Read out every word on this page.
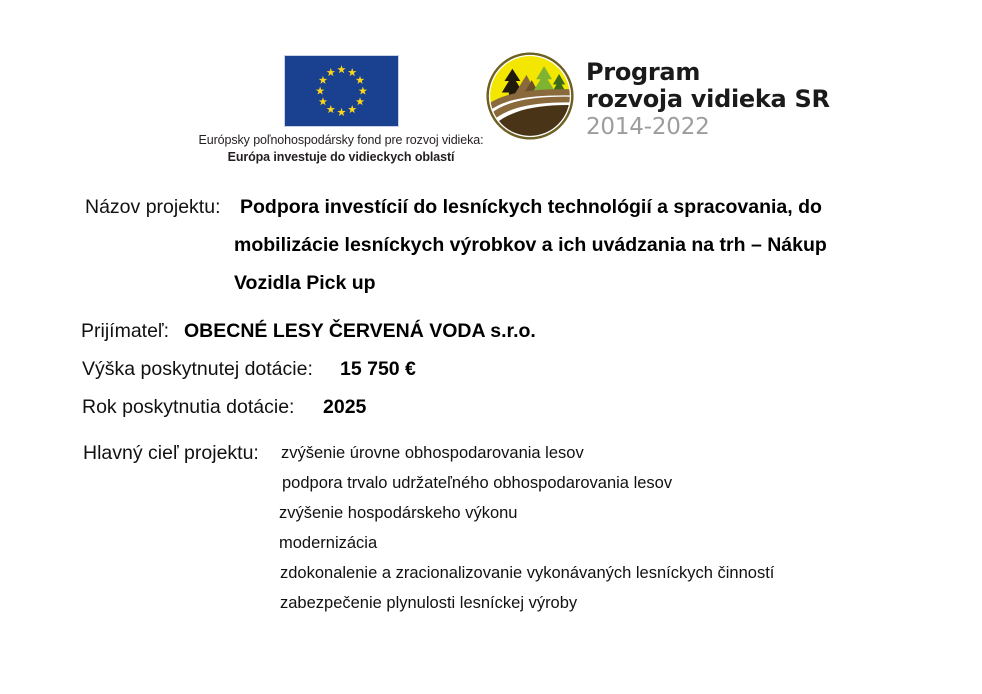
Európsky poľnohospodársky fond pre rozvoj vidieka:
Európa investuje do vidieckych oblastí
Program
rozvoja vidieka SR
2014-2022
Názov projektu: Podpora investícií do lesníckych technológií a spracovania, do
mobilizácie lesníckych výrobkov a ich uvádzania na trh – Nákup
Vozidla Pick up
Prijímateľ: OBECNÉ LESY ČERVENÁ VODA s.r.o.
Výška poskytnutej dotácie: 15 750 €
Rok poskytnutia dotácie: 2025
Hlavný cieľ projektu: zvýšenie úrovne obhospodarovania lesov
podpora trvalo udržateľného obhospodarovania lesov
zvýšenie hospodárskeho výkonu
modernizácia
zdokonalenie a zracionalizovanie vykonávaných lesníckych činností
zabezpečenie plynulosti lesníckej výroby
